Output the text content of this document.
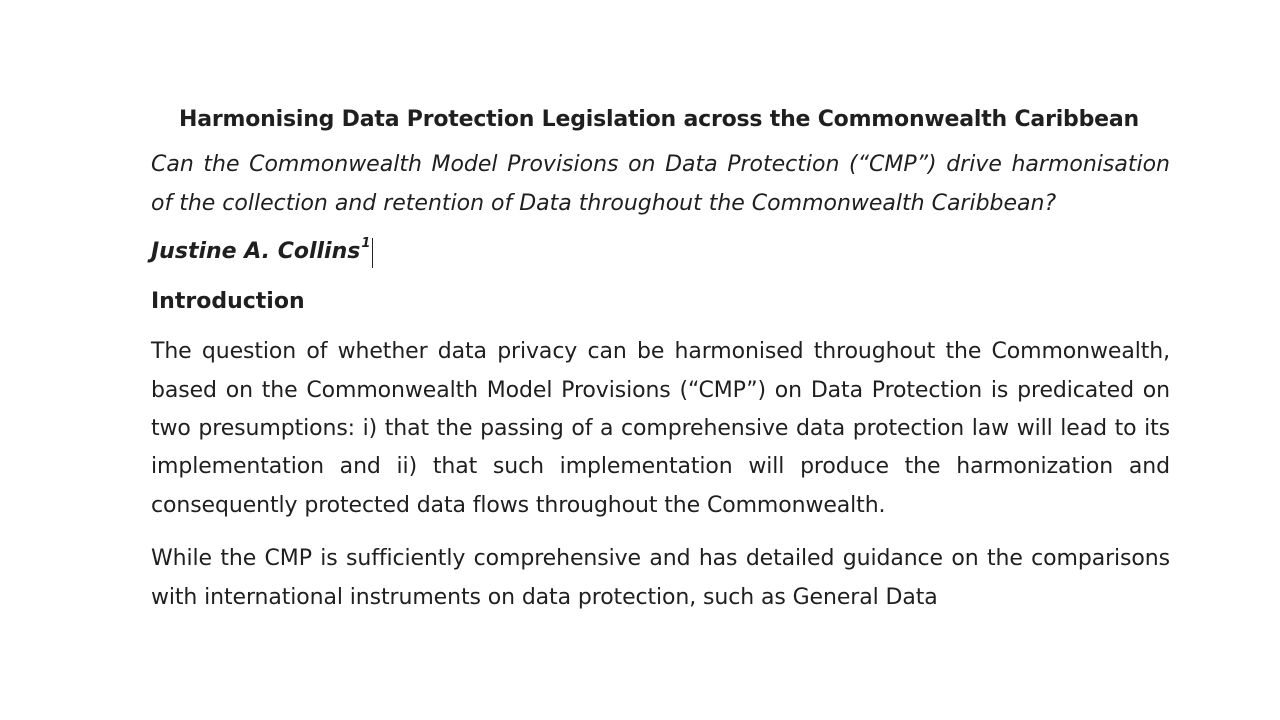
Harmonising Data Protection Legislation across the Commonwealth Caribbean
Can the Commonwealth Model Provisions on Data Protection (“CMP”) drive harmonisation of the collection and retention of Data throughout the Commonwealth Caribbean?
Justine A. Collins$^1$
Introduction

The question of whether data privacy can be harmonised throughout the Commonwealth, based on the Commonwealth Model Provisions (“CMP”) on Data Protection is predicated on two presumptions: i) that the passing of a comprehensive data protection law will lead to its implementation and ii) that such implementation will produce the harmonization and consequently protected data flows throughout the Commonwealth.

While the CMP is sufficiently comprehensive and has detailed guidance on the comparisons with international instruments on data protection, such as General Data
